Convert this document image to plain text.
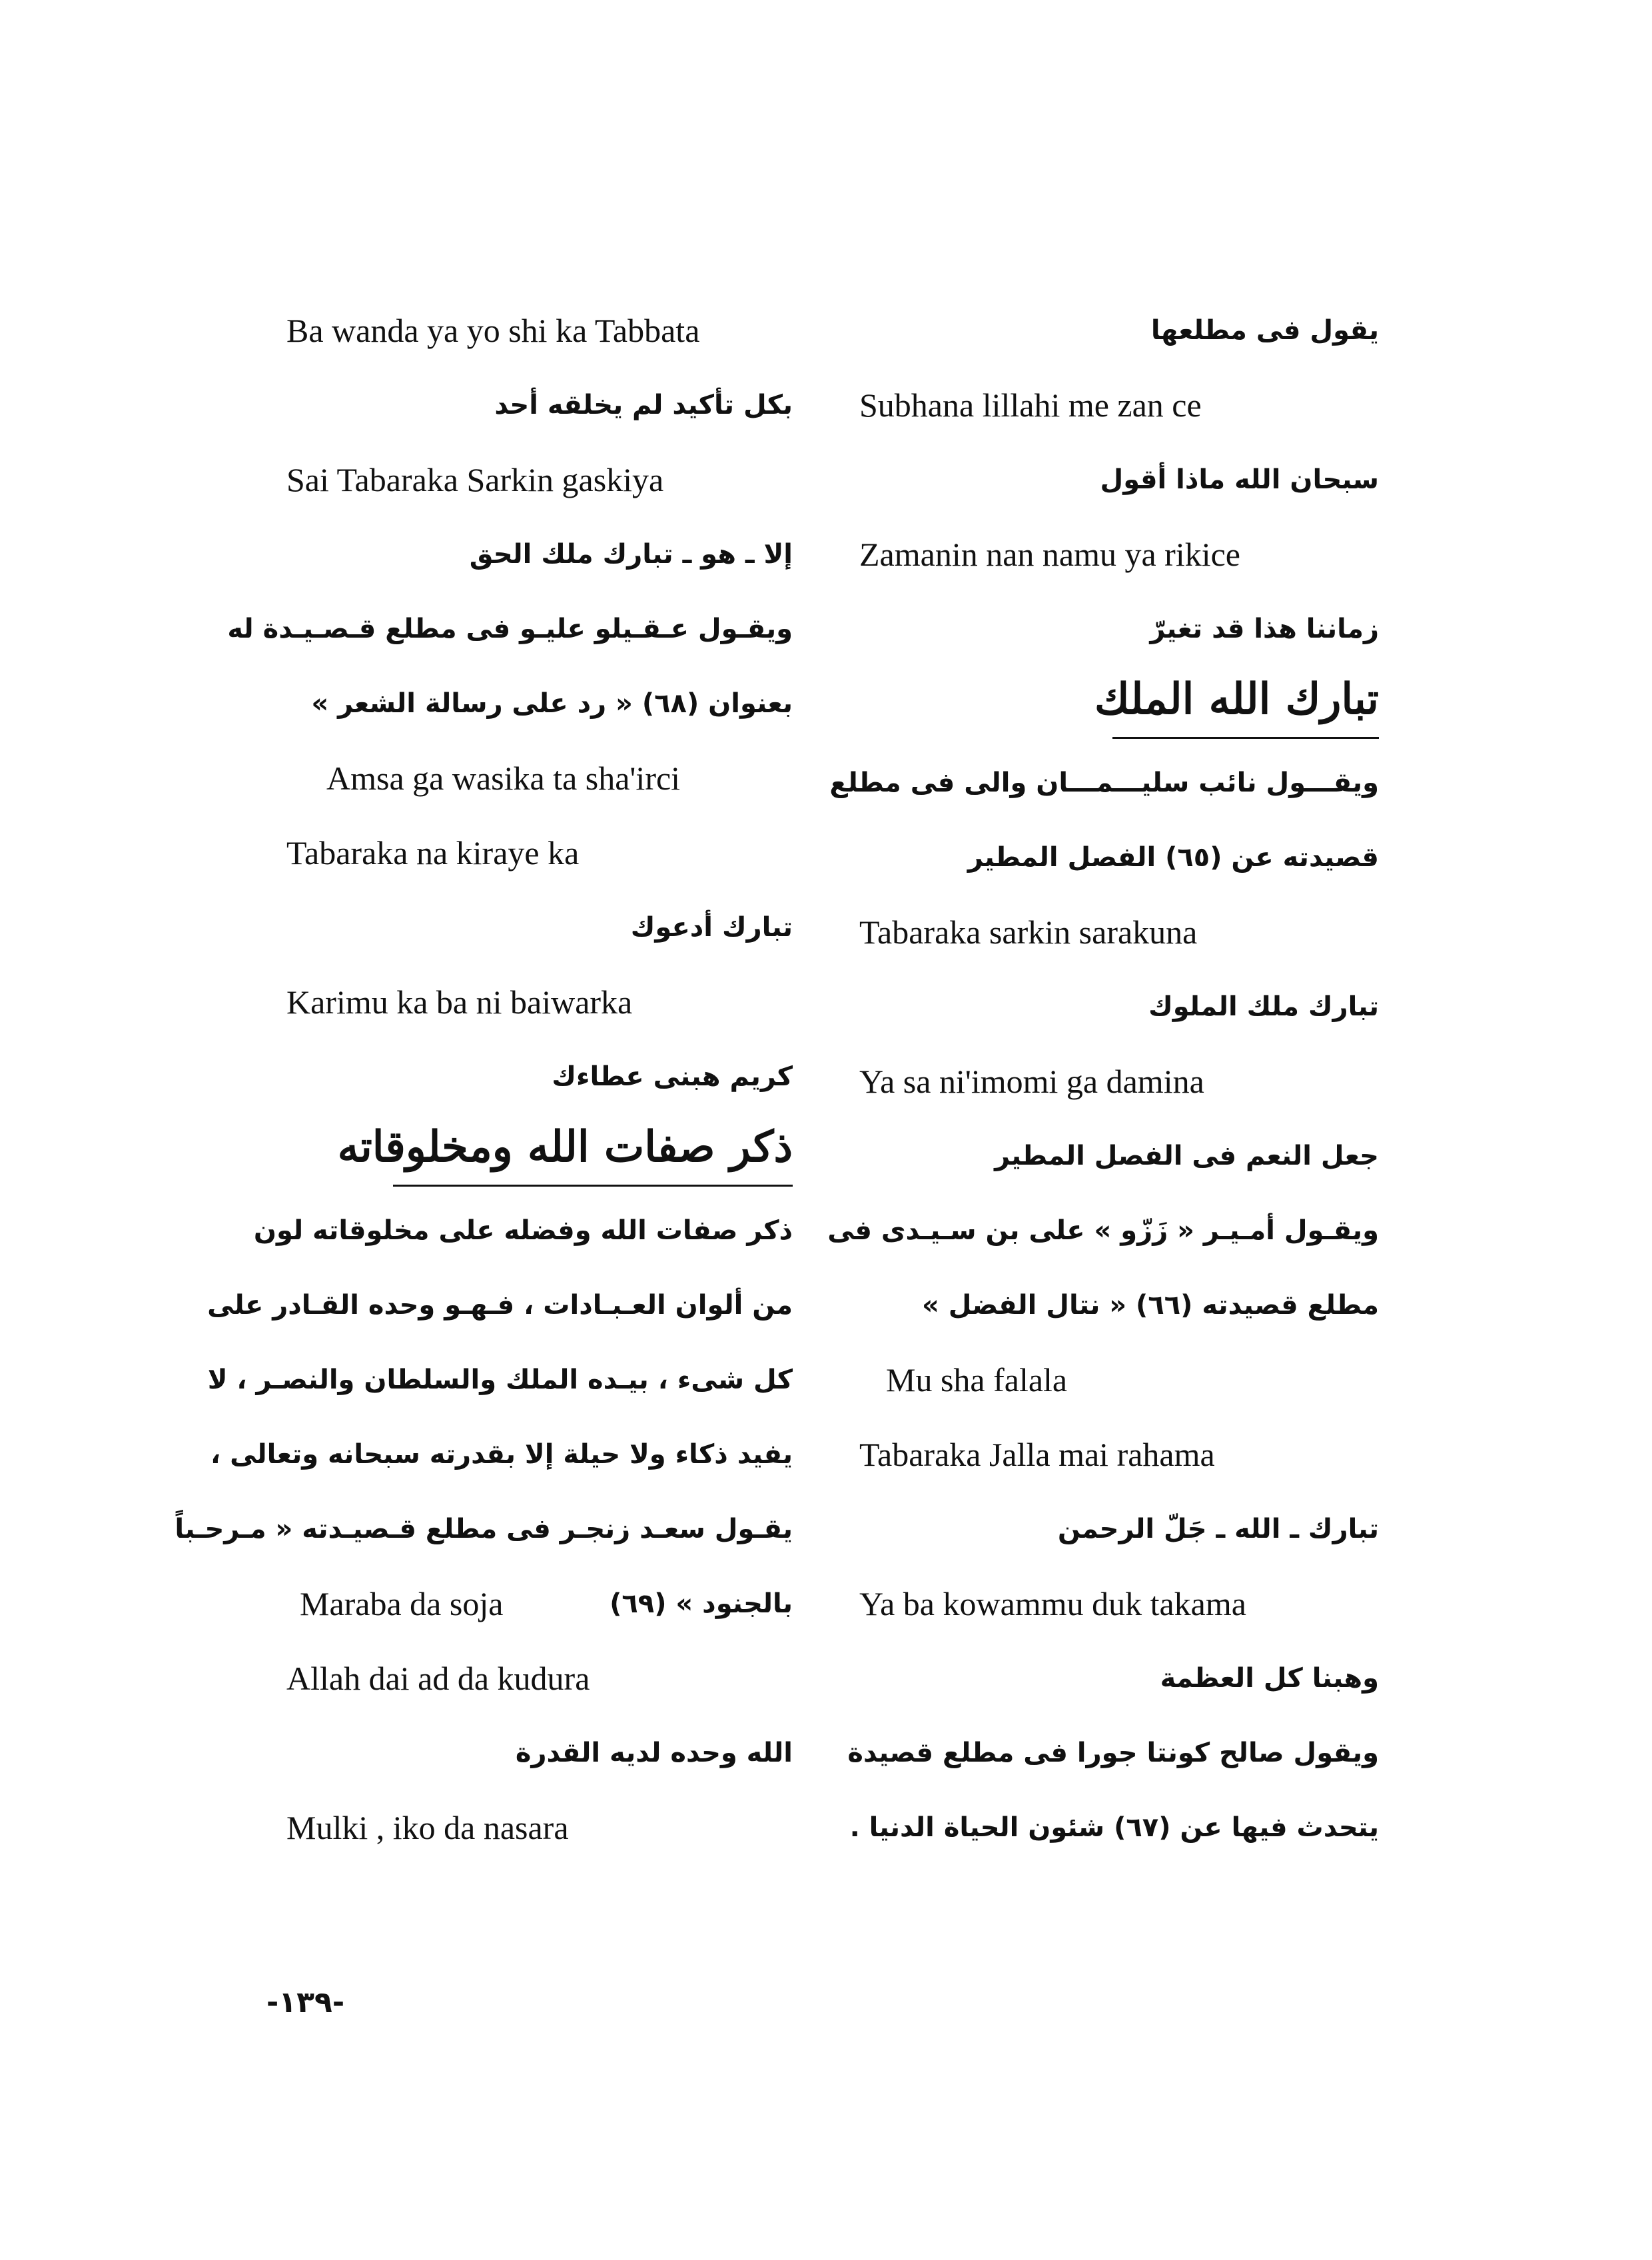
يقول فى مطلعها
Subhana lillahi me zan ce
سبحان الله ماذا أقول
Zamanin nan namu ya rikice
زماننا هذا قد تغيرّ
تبارك الله الملك
ويقـــول نائب سليـــمـــان والى فى مطلع
قصيدته عن (٦٥) الفصل المطير
Tabaraka sarkin sarakuna
تبارك ملك الملوك
Ya sa ni'imomi ga damina
جعل النعم فى الفصل المطير
ويقـول أمـيـر « زَزّو » على بن سـيـدى فى
مطلع قصيدته (٦٦) « نتال الفضل »
Mu sha falala
Tabaraka Jalla mai rahama
تبارك ـ الله ـ جَلّ الرحمن
Ya ba kowammu duk takama
وهبنا كل العظمة
ويقول صالح كونتا جورا فى مطلع قصيدة
يتحدث فيها عن (٦٧) شئون الحياة الدنيا .
Ba wanda ya yo shi ka Tabbata
بكل تأكيد لم يخلقه أحد
Sai Tabaraka Sarkin gaskiya
إلا ـ هو ـ تبارك ملك الحق
ويقـول عـقـيلو عليـو فى مطلع قـصـيـدة له
بعنوان (٦٨) « رد على رسالة الشعر »
Amsa ga wasika ta sha'irci
Tabaraka na kiraye ka
تبارك أدعوك
Karimu ka ba ni baiwarka
كريم هبنى عطاءك
ذكر صفات الله ومخلوقاته
ذكر صفات الله وفضله على مخلوقاته لون
من ألوان العـبـادات ، فـهـو وحده القـادر على
كل شىء ، بيـده الملك والسلطان والنصـر ، لا
يفيد ذكاء ولا حيلة إلا بقدرته سبحانه وتعالى ،
يقـول سعـد زنجـر فى مطلع قـصيـدته « مـرحـباً
Maraba da soja	بالجنود » (٦٩)
Allah dai ad da kudura
الله وحده لديه القدرة
Mulki , iko da nasara
-١٣٩-
